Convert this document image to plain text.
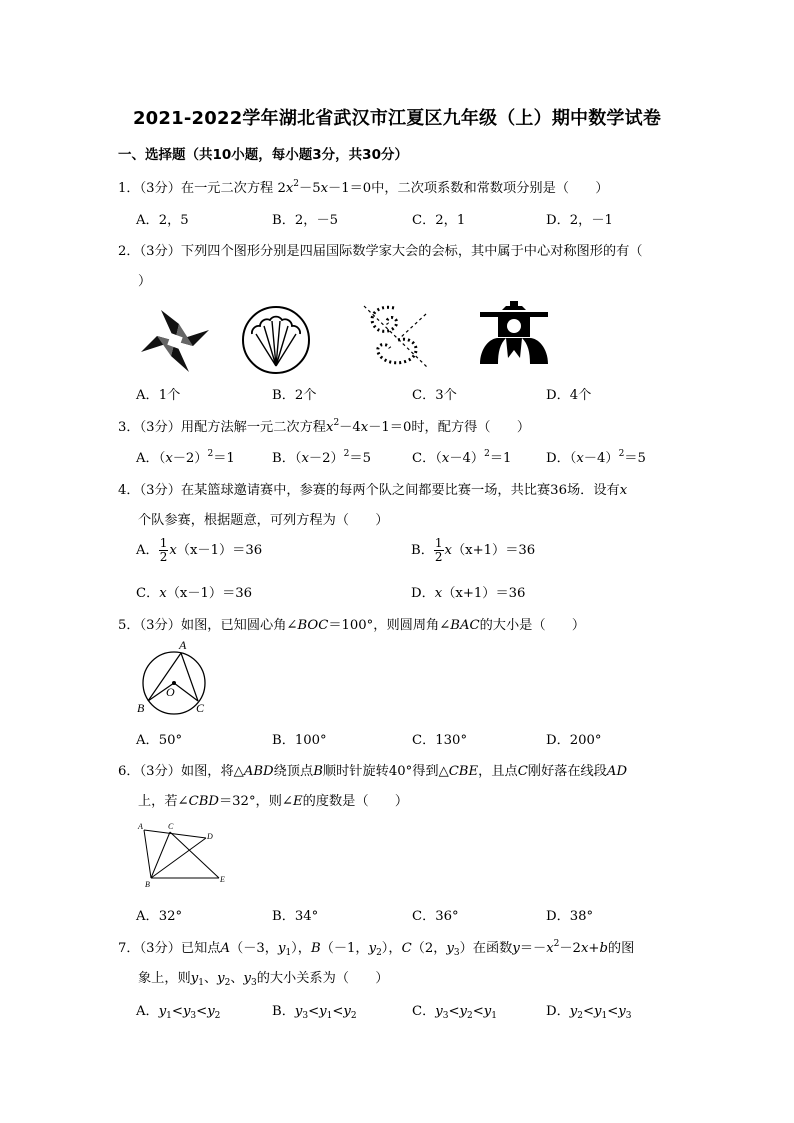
2021-2022学年湖北省武汉市江夏区九年级（上）期中数学试卷
一、选择题（共10小题，每小题3分，共30分）
1．（3分）在一元二次方程 $2x^2-5x-1=0$中，二次项系数和常数项分别是（　　）
A．2，5	B．2，－5	C．2，1	D．2，－1
2．（3分）下列四个图形分别是四届国际数学家大会的会标，其中属于中心对称图形的有（
）
A．1个	B．2个	C．3个	D．4个
3．（3分）用配方法解一元二次方程$x^2-4x-1=0$时，配方得（　　）
A．$(x-2)^2=1$	B．$(x-2)^2=5$	C．$(x-4)^2=1$	D．$(x-4)^2=5$
4．（3分）在某篮球邀请赛中，参赛的每两个队之间都要比赛一场，共比赛36场．设有x
个队参赛，根据题意，可列方程为（　　）
A． $\frac{1}{2} x(x-1)=36$	B． $\frac{1}{2} x(x+1)=36$
C．x（x－1）＝36	D．x（x+1）＝36
5．（3分）如图，已知圆心角∠BOC＝100°，则圆周角∠BAC的大小是（　　）
A
O
B	C
A．50°	B．100°	C．130°	D．200°
6．（3分）如图，将△ABD绕顶点B顺时针旋转40°得到△CBE，且点C刚好落在线段AD
上，若∠CBD＝32°，则∠E的度数是（　　）
A	C
D
B
E
A．32°	B．34°	C．36°	D．38°
7．（3分）已知点A（－3，$y_1$），B（－1，$y_2$），C（2，$y_3$）在函数$y=-x^2-2x+b$的图
象上，则$y_1$、$y_2$、$y_3$的大小关系为（　　）
A．$y_1<y_3<y_2$	B．$y_3<y_1<y_2$	C．$y_3<y_2<y_1$	D．$y_2<y_1<y_3$
